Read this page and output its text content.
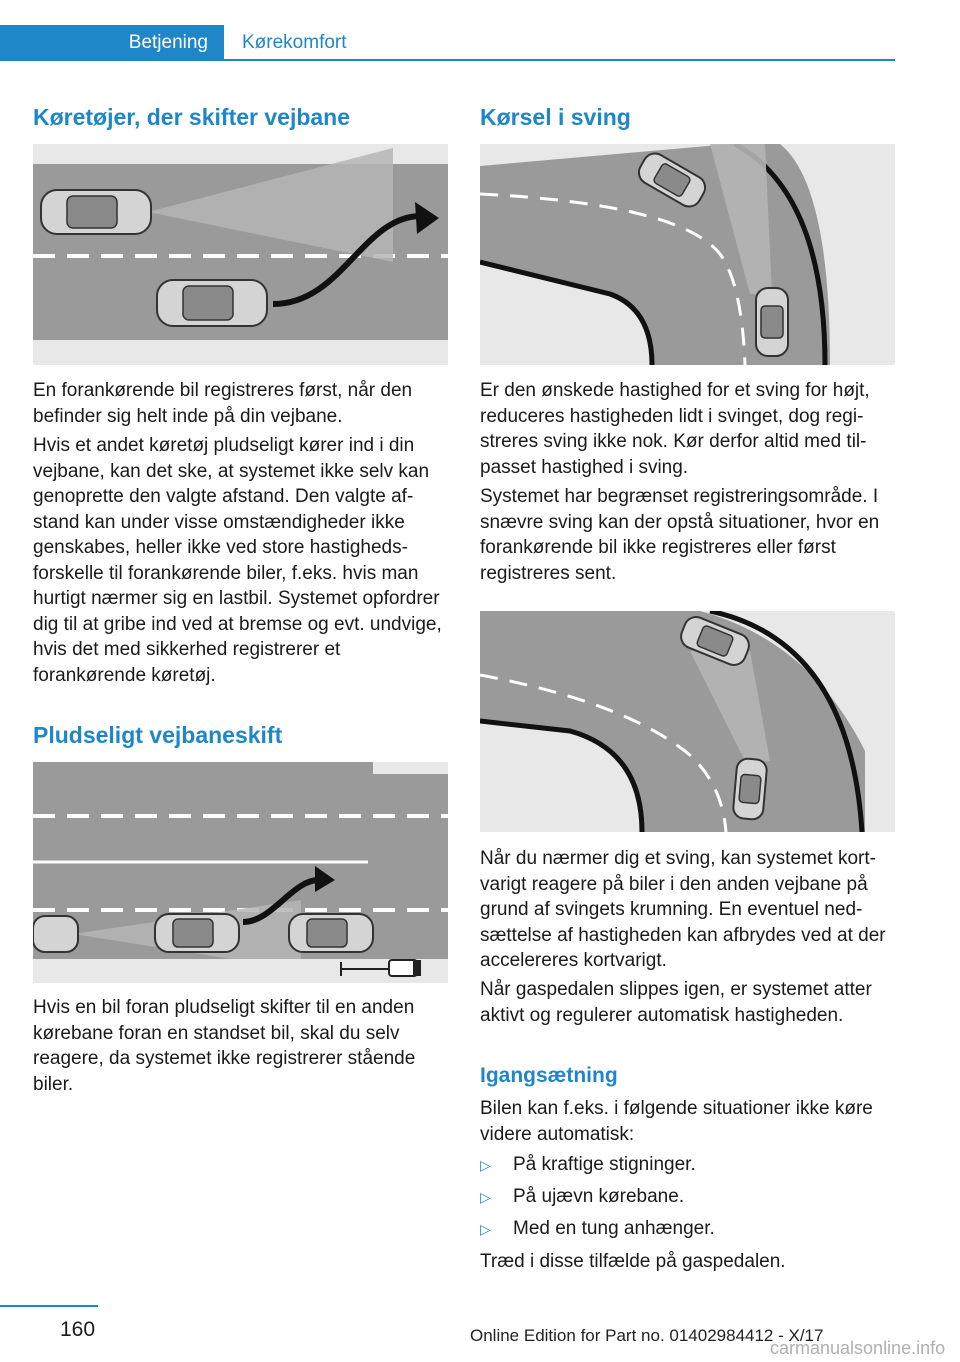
Betjening	Kørekomfort
Køretøjer, der skifter vejbane

En forankørende bil registreres først, når den befinder sig helt inde på din vejbane.

Hvis et andet køretøj pludseligt kører ind i din vejbane, kan det ske, at systemet ikke selv kan genoprette den valgte afstand. Den valgte afstand kan under visse omstændigheder ikke genskabes, heller ikke ved store hastighedsforskelle til forankørende biler, f.eks. hvis man hurtigt nærmer sig en lastbil. Systemet opfordrer dig til at gribe ind ved at bremse og evt. undvige, hvis det med sikkerhed registrerer et forankørende køretøj.

Pludseligt vejbaneskift

Hvis en bil foran pludseligt skifter til en anden kørebane foran en standset bil, skal du selv reagere, da systemet ikke registrerer stående biler.

Kørsel i sving

Er den ønskede hastighed for et sving for højt, reduceres hastigheden lidt i svinget, dog registreres sving ikke nok. Kør derfor altid med tilpasset hastighed i sving.

Systemet har begrænset registreringsområde. I snævre sving kan der opstå situationer, hvor en forankørende bil ikke registreres eller først registreres sent.

Når du nærmer dig et sving, kan systemet kortvarigt reagere på biler i den anden vejbane på grund af svingets krumning. En eventuel nedsættelse af hastigheden kan afbrydes ved at der accelereres kortvarigt.

Når gaspedalen slippes igen, er systemet atter aktivt og regulerer automatisk hastigheden.

Igangsætning

Bilen kan f.eks. i følgende situationer ikke køre videre automatisk:

▷	På kraftige stigninger.
▷	På ujævn kørebane.
▷	Med en tung anhænger.

Træd i disse tilfælde på gaspedalen.

160	Online Edition for Part no. 01402984412 - X/17
carmanualsonline.info
